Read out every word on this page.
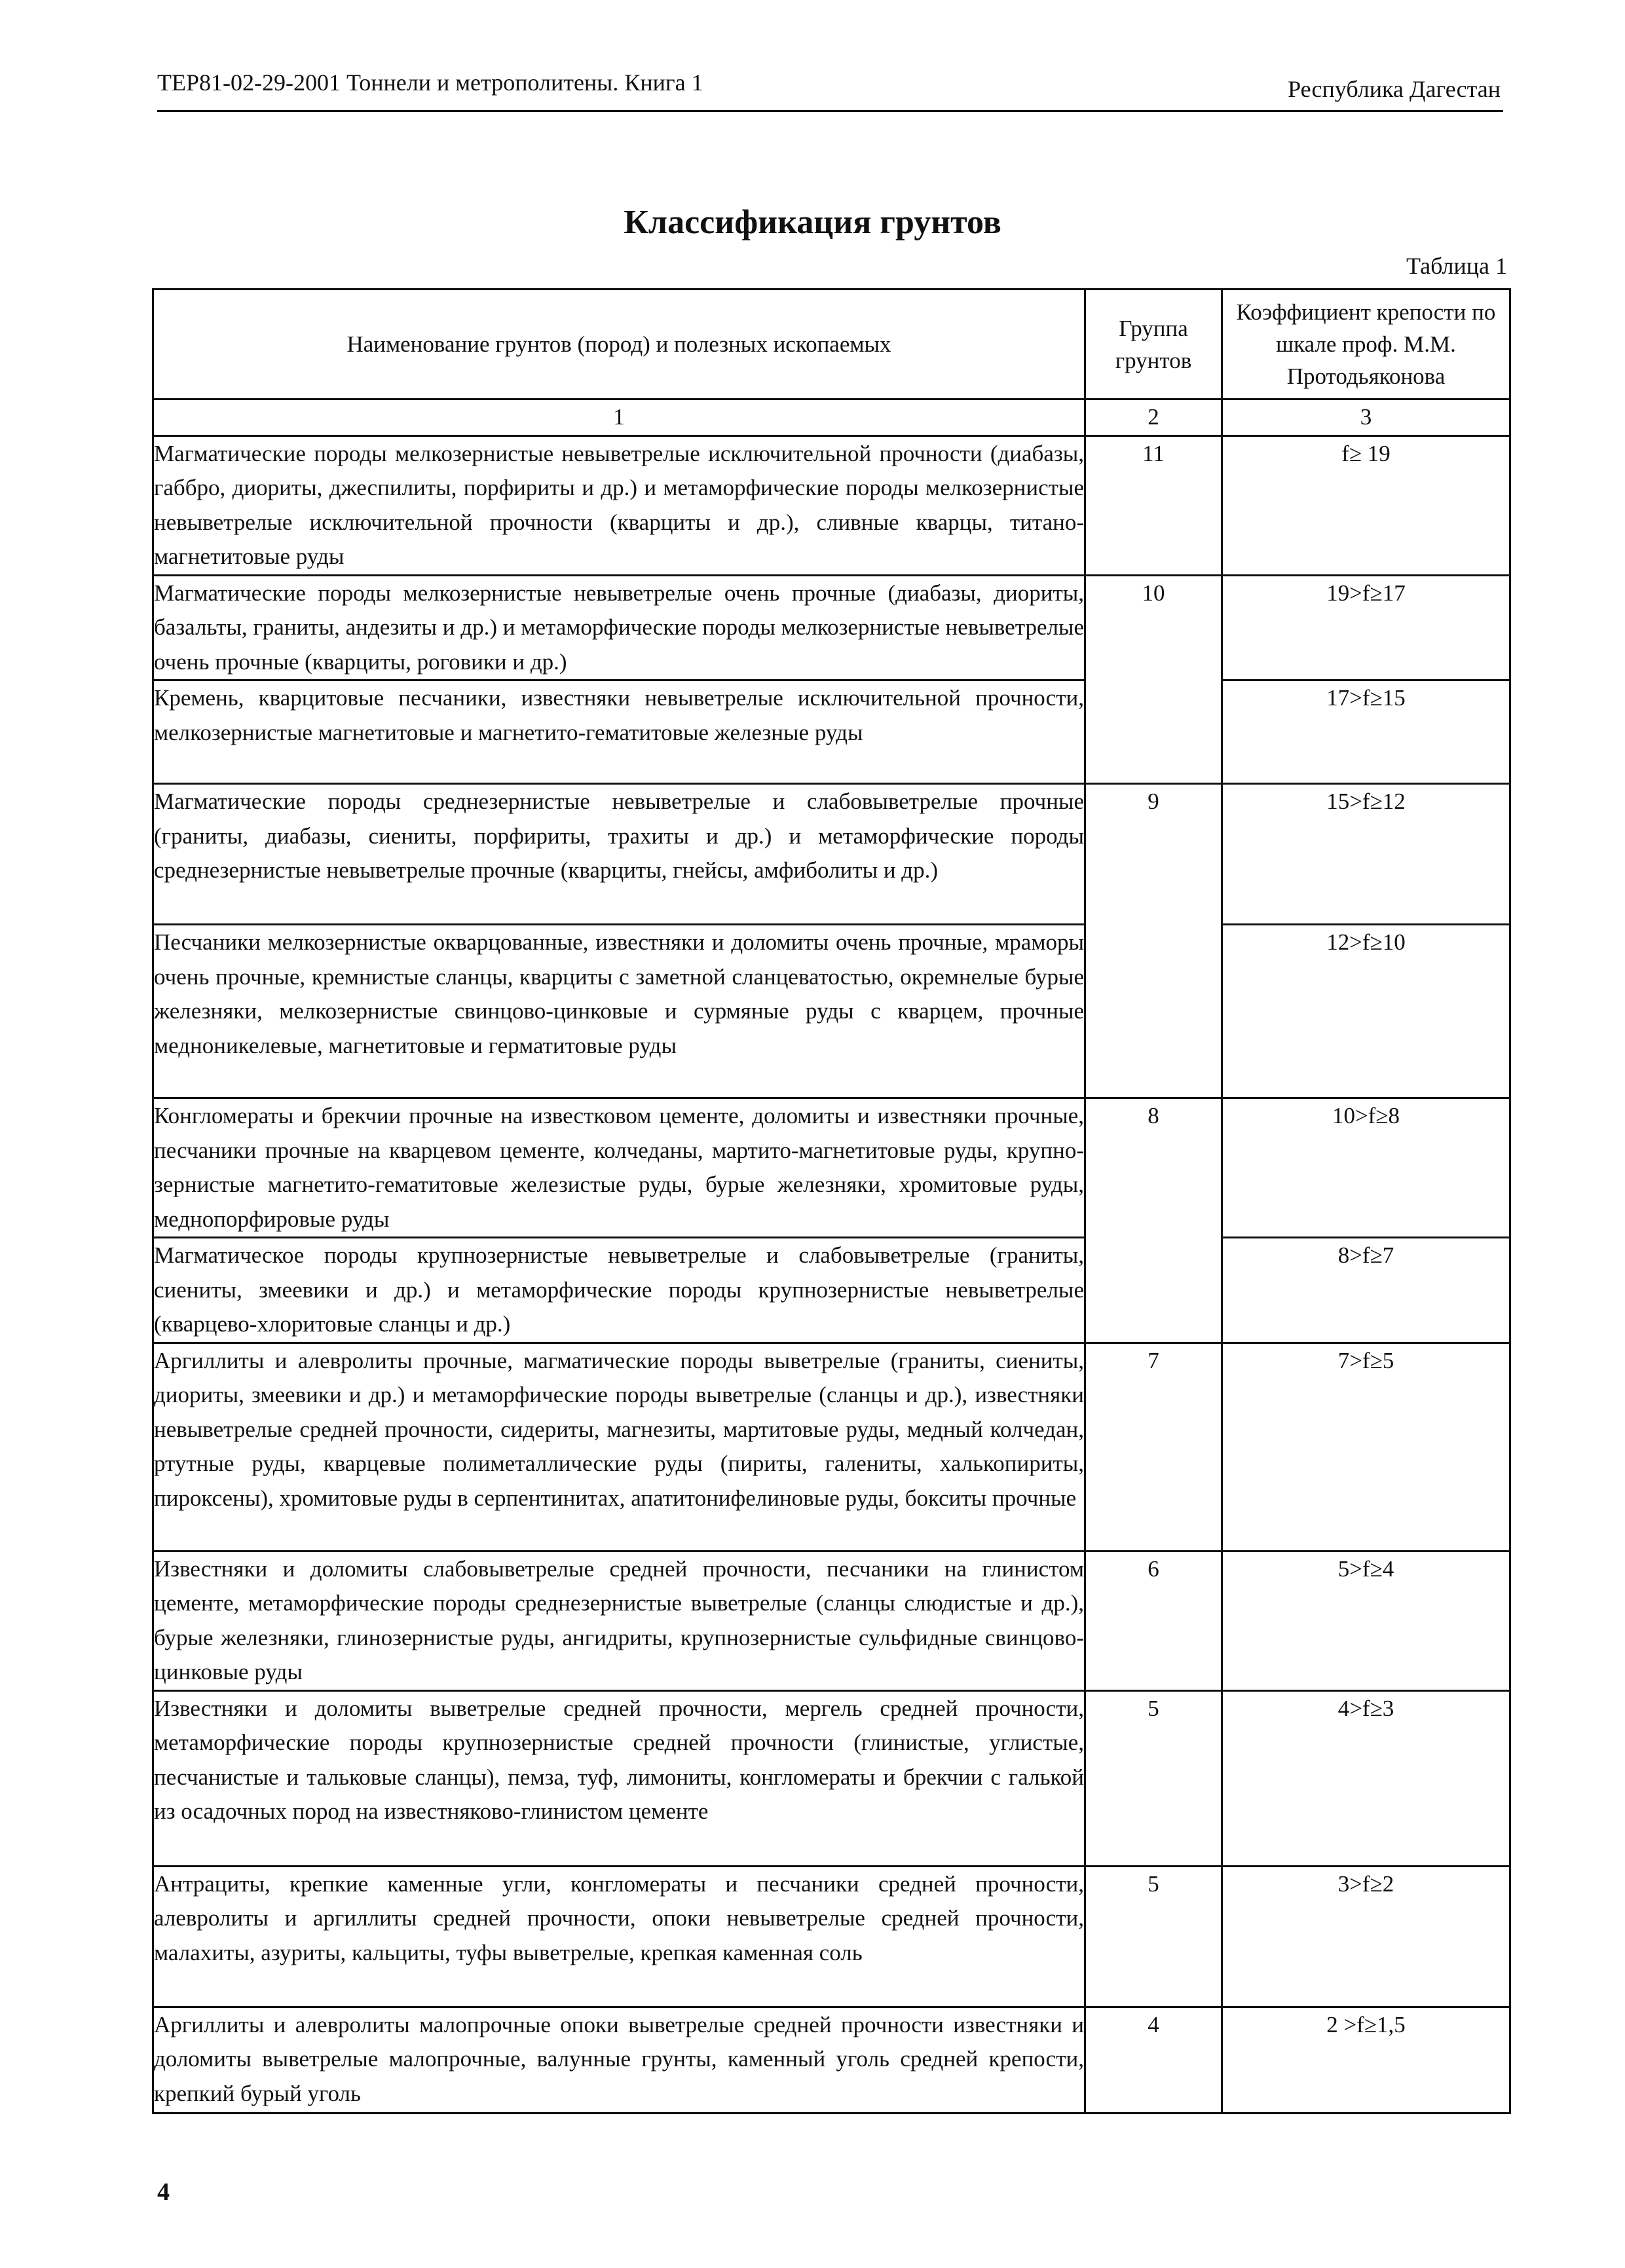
ТЕР81-02-29-2001 Тоннели и метрополитены. Книга 1	Республика Дагестан
Классификация грунтов
Таблица 1
Наименование грунтов (пород) и полезных ископаемых	Группа грунтов	Коэффициент крепости по шкале проф. М.М. Протодьяконова
1	2	3
Магматические породы мелкозернистые невыветрелые исключительной прочности (диабазы, габбро, диориты, джеспилиты, порфириты и др.) и метаморфические породы мелкозернистые невыветрелые исключительной прочности (кварциты и др.), сливные кварцы, титано-магнетитовые руды	11	f≥ 19
Магматические породы мелкозернистые невыветрелые очень прочные (диабазы, диориты, базальты, граниты, андезиты и др.) и метаморфические породы мелкозернистые невыветрелые очень прочные (кварциты, роговики и др.)	10	19>f≥17
Кремень, кварцитовые песчаники, известняки невыветрелые исключительной прочности, мелкозернистые магнетитовые и магнетито-гематитовые железные руды		17>f≥15
Магматические породы среднезернистые невыветрелые и слабовыветрелые прочные (граниты, диабазы, сиениты, порфириты, трахиты и др.) и метаморфические породы среднезернистые невыветрелые прочные (кварциты, гнейсы, амфиболиты и др.)	9	15>f≥12
Песчаники мелкозернистые окварцованные, известняки и доломиты очень прочные, мраморы очень прочные, кремнистые сланцы, кварциты с заметной сланцеватостью, окремнелые бурые железняки, мелкозернистые свинцово-цинковые и сурмяные руды с кварцем, прочные медноникелевые, магнетитовые и герматитовые руды		12>f≥10
Конгломераты и брекчии прочные на известковом цементе, доломиты и известняки прочные, песчаники прочные на кварцевом цементе, колчеданы, мартито-магнетитовые руды, крупно-зернистые магнетито-гематитовые железистые руды, бурые железняки, хромитовые руды, меднопорфировые руды	8	10>f≥8
Магматическое породы крупнозернистые невыветрелые и слабовыветрелые (граниты, сиениты, змеевики и др.) и метаморфические породы крупнозернистые невыветрелые (кварцево-хлоритовые сланцы и др.)		8>f≥7
Аргиллиты и алевролиты прочные, магматические породы выветрелые (граниты, сиениты, диориты, змеевики и др.) и метаморфические породы выветрелые (сланцы и др.), известняки невыветрелые средней прочности, сидериты, магнезиты, мартитовые руды, медный колчедан, ртутные руды, кварцевые полиметаллические руды (пириты, галениты, халькопириты, пироксены), хромитовые руды в серпентинитах, апатитонифелиновые руды, бокситы прочные	7	7>f≥5
Известняки и доломиты слабовыветрелые средней прочности, песчаники на глинистом цементе, метаморфические породы среднезернистые выветрелые (сланцы слюдистые и др.), бурые железняки, глинозернистые руды, ангидриты, крупнозернистые сульфидные свинцово-цинковые руды	6	5>f≥4
Известняки и доломиты выветрелые средней прочности, мергель средней прочности, метаморфические породы крупнозернистые средней прочности (глинистые, углистые, песчанистые и тальковые сланцы), пемза, туф, лимониты, конгломераты и брекчии с галькой из осадочных пород на известняково-глинистом цементе	5	4>f≥3
Антрациты, крепкие каменные угли, конгломераты и песчаники средней прочности, алевролиты и аргиллиты средней прочности, опоки невыветрелые средней прочности, малахиты, азуриты, кальциты, туфы выветрелые, крепкая каменная соль	5	3>f≥2
Аргиллиты и алевролиты малопрочные опоки выветрелые средней прочности известняки и доломиты выветрелые малопрочные, валунные грунты, каменный уголь средней крепости, крепкий бурый уголь	4	2 >f≥1,5
4
